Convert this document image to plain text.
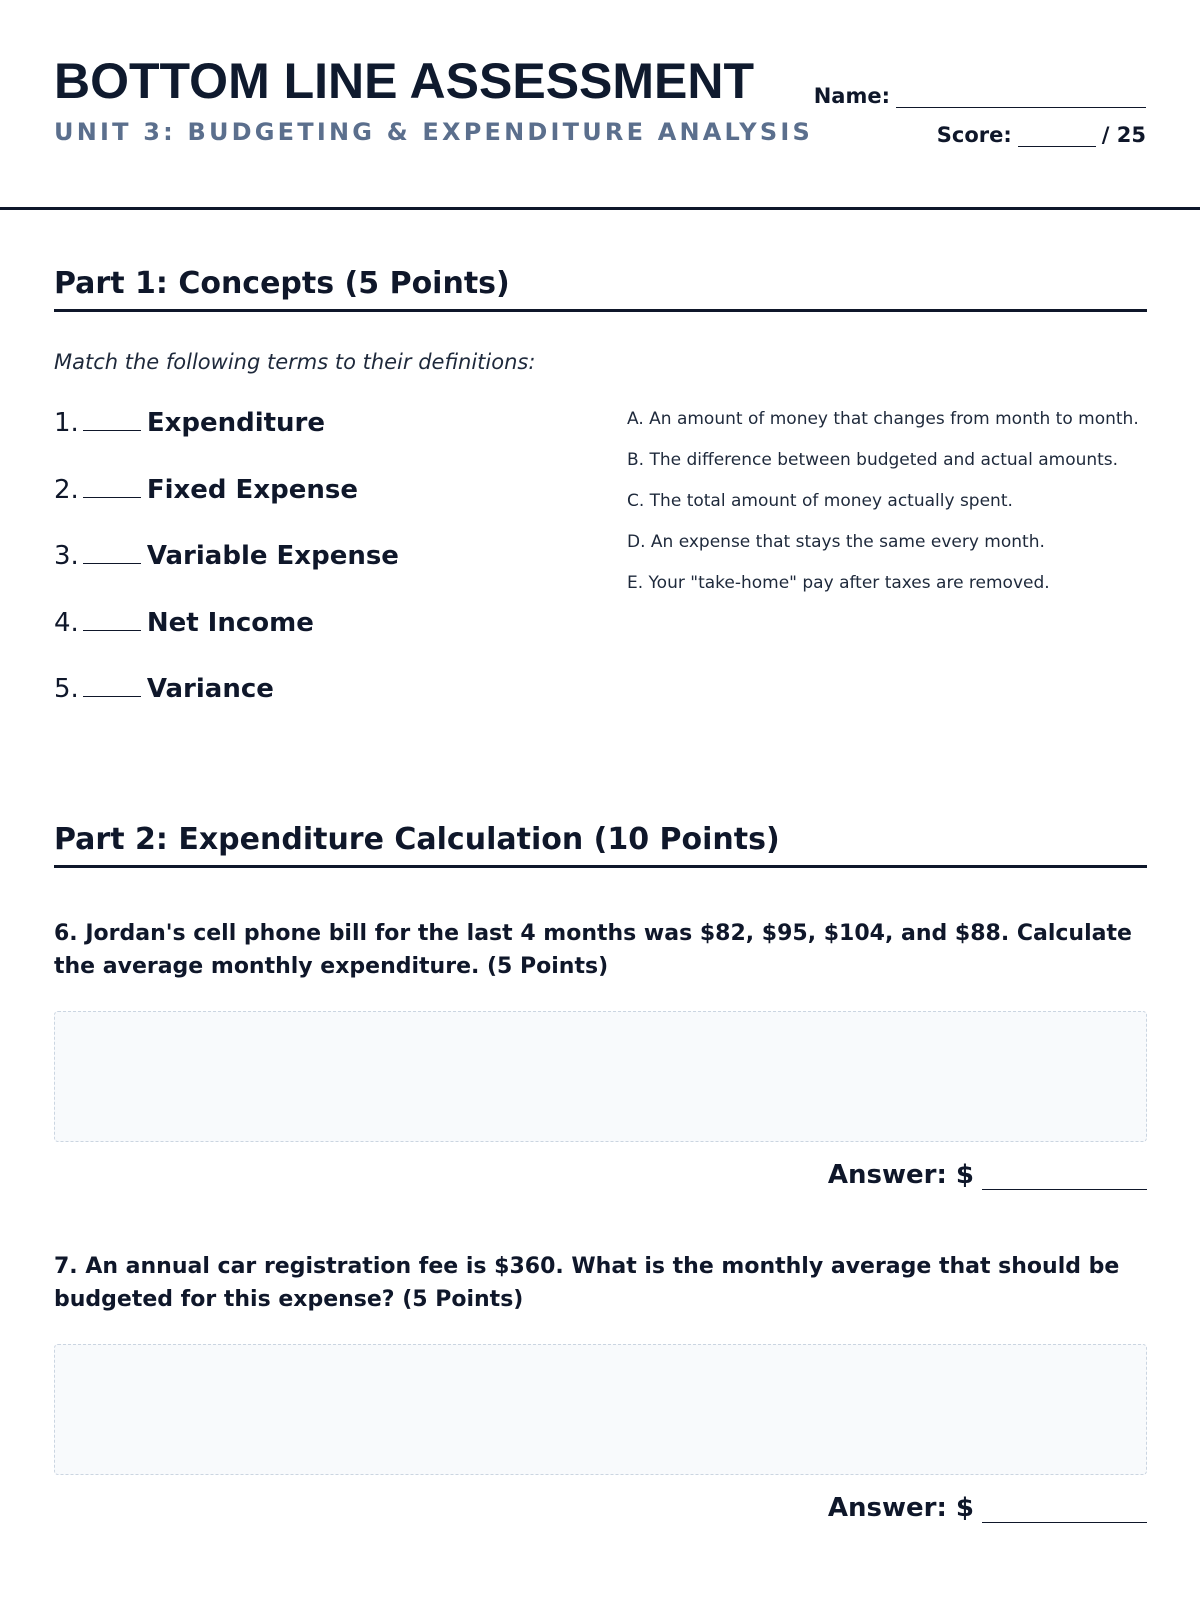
BOTTOM LINE ASSESSMENT
UNIT 3: BUDGETING & EXPENDITURE ANALYSIS
Name:
Score:	/ 25
Part 1: Concepts (5 Points)
Match the following terms to their definitions:
1.	Expenditure
2.	Fixed Expense
3.	Variable Expense
4.	Net Income
5.	Variance
A. An amount of money that changes from month to month.
B. The difference between budgeted and actual amounts.
C. The total amount of money actually spent.
D. An expense that stays the same every month.
E. Your "take-home" pay after taxes are removed.
Part 2: Expenditure Calculation (10 Points)
6. Jordan's cell phone bill for the last 4 months was $82, $95, $104, and $88. Calculate the average monthly expenditure. (5 Points)
Answer: $
7. An annual car registration fee is $360. What is the monthly average that should be budgeted for this expense? (5 Points)
Answer: $
